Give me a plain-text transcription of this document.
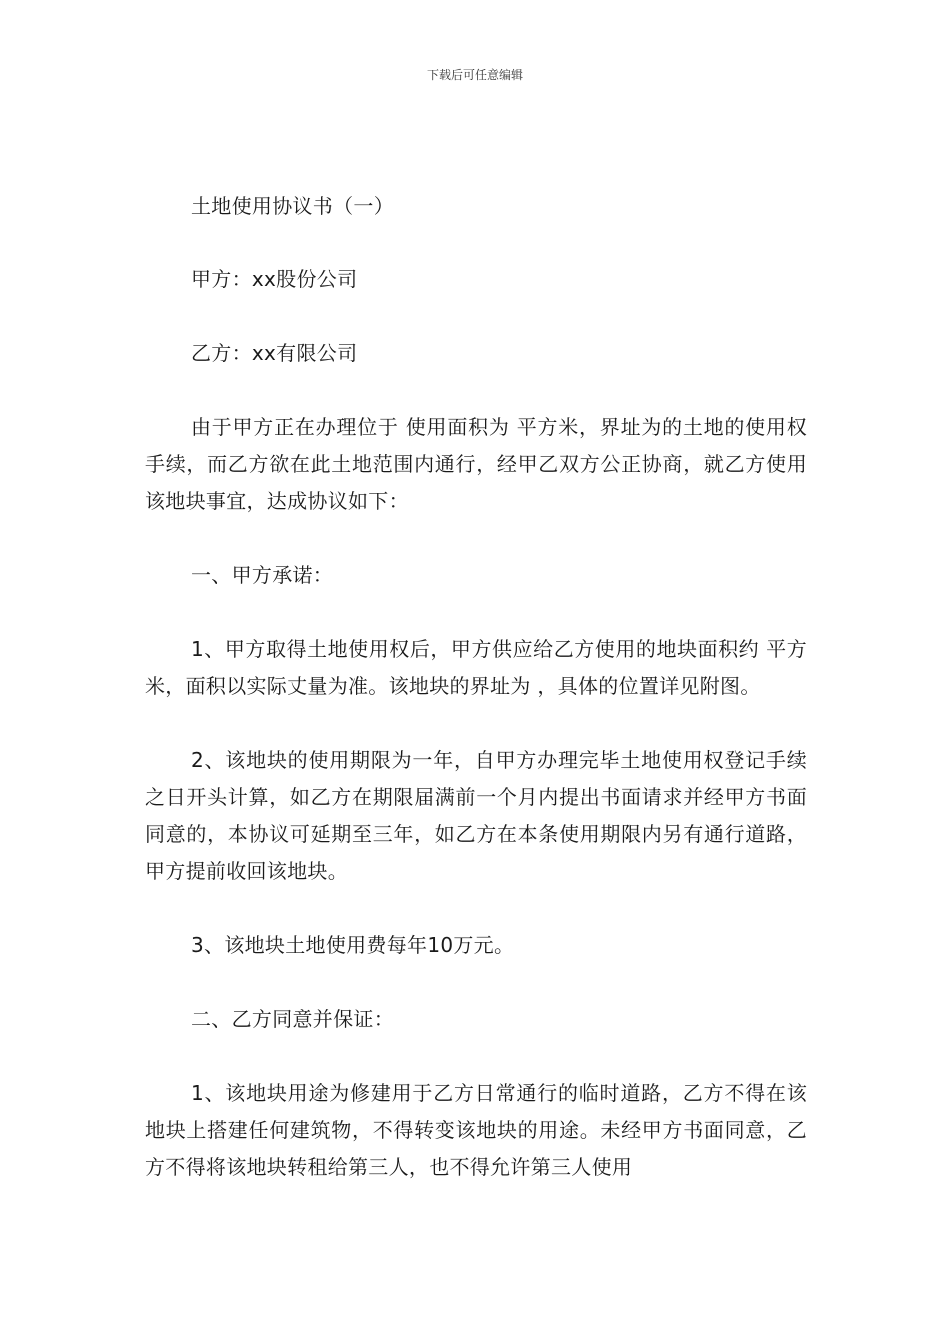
下载后可任意编辑

土地使用协议书（一）

甲方：xx股份公司

乙方：xx有限公司

由于甲方正在办理位于 使用面积为 平方米，界址为的土地的使用权手续，而乙方欲在此土地范围内通行，经甲乙双方公正协商，就乙方使用该地块事宜，达成协议如下：

一、甲方承诺：

1、甲方取得土地使用权后，甲方供应给乙方使用的地块面积约 平方米，面积以实际丈量为准。该地块的界址为 ，具体的位置详见附图。

2、该地块的使用期限为一年，自甲方办理完毕土地使用权登记手续之日开头计算，如乙方在期限届满前一个月内提出书面请求并经甲方书面同意的，本协议可延期至三年，如乙方在本条使用期限内另有通行道路，甲方提前收回该地块。

3、该地块土地使用费每年10万元。

二、乙方同意并保证：

1、该地块用途为修建用于乙方日常通行的临时道路，乙方不得在该地块上搭建任何建筑物，不得转变该地块的用途。未经甲方书面同意，乙方不得将该地块转租给第三人，也不得允许第三人使用
